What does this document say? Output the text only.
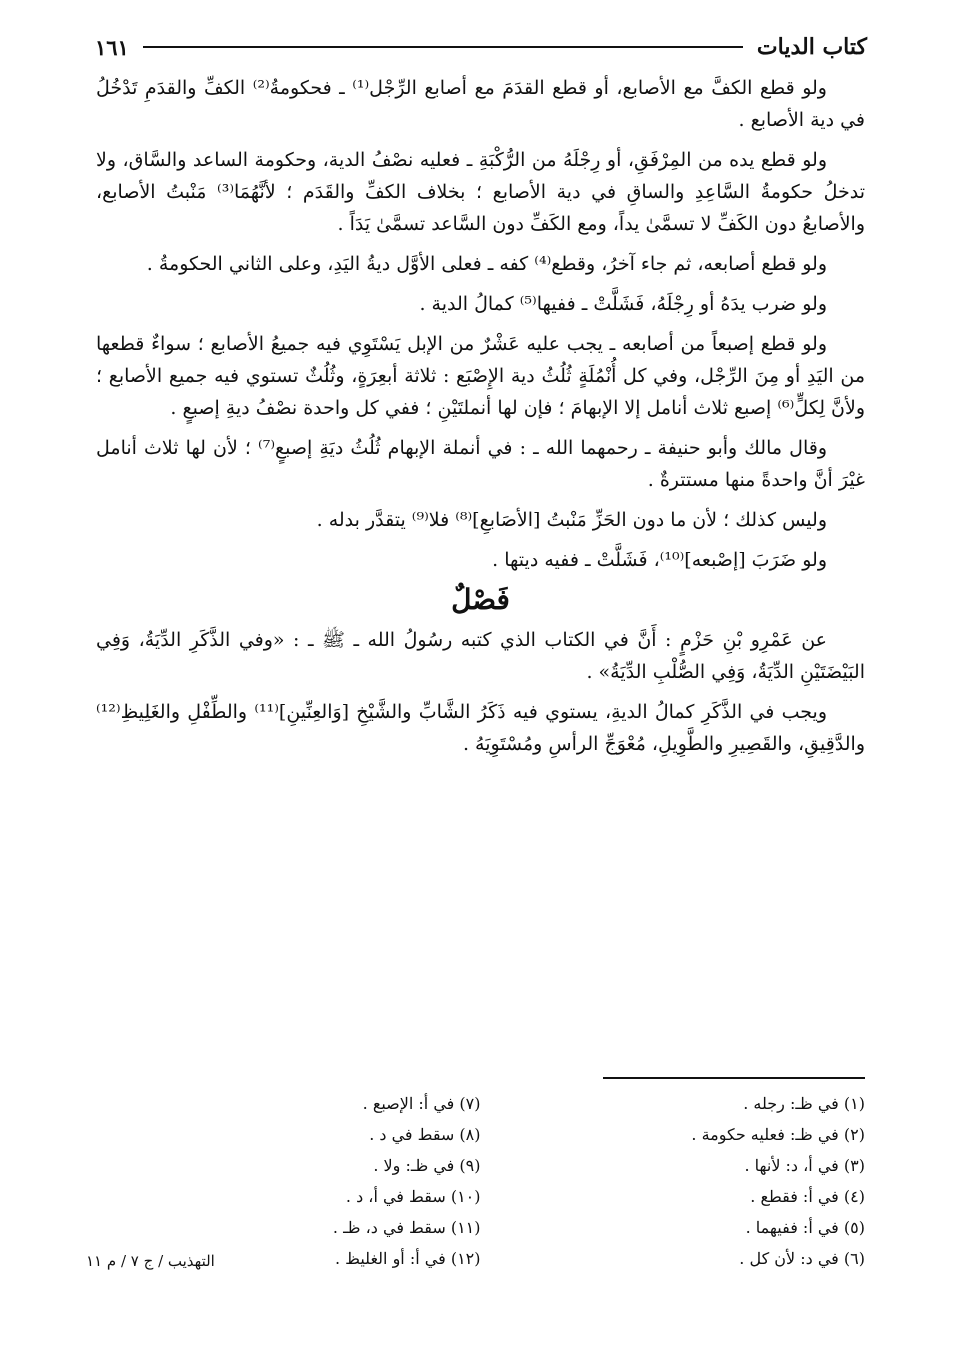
كتاب الديات
١٦١

ولو قطع الكفَّ مع الأصابع، أو قطع القدَمَ مع أصابع الرِّجْل⁽¹⁾ ـ فحكومةُ⁽²⁾ الكفِّ والقدَمِ تَدْخُلُ في دية الأصابع .

ولو قطع يده من المِرْفَقِ، أو رِجْلَهُ من الرُّكْبَةِ ـ فعليه نصْفُ الدية، وحكومة الساعد والسَّاق، ولا تدخلُ حكومةُ السَّاعِدِ والساقِ في دية الأصابع ؛ بخلاف الكفِّ والقَدَم ؛ لأنَّهُمَا⁽³⁾ مَنْبتُ الأصابع، والأصابعُ دون الكَفِّ لا تسمَّىٰ يداً، ومع الكَفِّ دون السَّاعد تسمَّىٰ يَدَاً .

ولو قطع أصابعه، ثم جاء آخرُ، وقطع⁽⁴⁾ كفه ـ فعلى الأوَّل ديةُ اليَدِ، وعلى الثاني الحكومةُ .

ولو ضرب يدَهُ أو رِجْلَهُ، فَشَلَّتْ ـ ففيها⁽⁵⁾ كمالُ الدية .

ولو قطع إصبعاً من أصابعه ـ يجب عليه عَشْرٌ من الإبل يَسْتَوِي فيه جميعُ الأصابع ؛ سواءٌ قطعها من اليَدِ أو مِنَ الرِّجْل، وفي كل أُنْمُلَةٍ ثُلُثُ دية الإِصْبَع : ثلاثة أبعِرَةٍ، وثُلُثٌ تستوي فيه جميع الأصابع ؛ ولأنَّ لِكلٍّ⁽⁶⁾ إصبع ثلاث أنامل إلا الإبهامَ ؛ فإن لها أنملتَيْنِ ؛ ففي كل واحدة نصْفُ ديةِ إصبعٍ .

وقال مالك وأبو حنيفة ـ رحمهما الله ـ : في أنملة الإبهام ثُلُثُ ديَةِ إصبعٍ⁽⁷⁾ ؛ لأن لها ثلاث أنامل غيْرَ أنَّ واحدةً منها مستترةٌ .

وليس كذلك ؛ لأن ما دون الحَزِّ مَنْبتُ [الأصَابعِ]⁽⁸⁾ فلا⁽⁹⁾ يتقدَّر بدله .

ولو ضَرَبَ [إصْبعه]⁽¹⁰⁾، فَشَلَّتْ ـ ففيه ديتها .

فَصْلٌ

عن عَمْرِو بْنِ حَزْمٍ : أَنَّ في الكتاب الذي كتبه رسُولُ الله ـ ﷺ ـ : «وفي الذَّكَرِ الدِّيَةُ، وَفِي البَيْضَتَيْنِ الدِّيَةُ، وَفِي الصُّلْبِ الدِّيَةُ» .

ويجب في الذَّكَرِ كمالُ الديةِ، يستوي فيه ذَكَرُ الشَّابِّ والشَّيْخِ [وَالعِنِّينِ]⁽¹¹⁾ والطِّفْلِ والغَلِيظِ⁽¹²⁾ والدَّقِيقِ، والقَصِيرِ والطَّوِيلِ، مُعْوَجِّ الرأسِ ومُسْتَوِيَهُ .

(١) في ظـ: رجله .
(٢) في ظـ: فعليه حكومة .
(٣) في أ، د: لأنها .
(٤) في أ: فقطع .
(٥) في أ: ففيهما .
(٦) في د: لأن كل .
(٧) في أ: الإصبع .
(٨) سقط في د .
(٩) في ظـ: ولا .
(١٠) سقط في أ، د .
(١١) سقط في د، ظـ .
(١٢) في أ: أو الغليظ .
التهذيب / ج ٧ / م ١١
